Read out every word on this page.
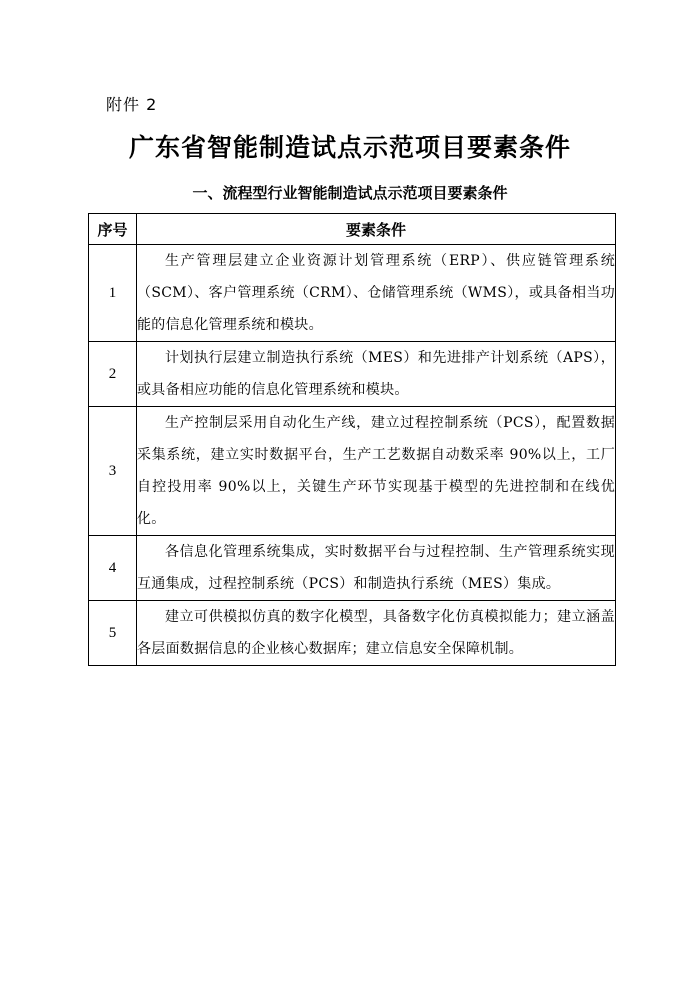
附件 2
广东省智能制造试点示范项目要素条件
一、流程型行业智能制造试点示范项目要素条件
序号	要素条件
1	生产管理层建立企业资源计划管理系统（ERP）、供应链管理系统（SCM）、客户管理系统（CRM）、仓储管理系统（WMS），或具备相当功能的信息化管理系统和模块。
2	计划执行层建立制造执行系统（MES）和先进排产计划系统（APS），或具备相应功能的信息化管理系统和模块。
3	生产控制层采用自动化生产线，建立过程控制系统（PCS），配置数据采集系统，建立实时数据平台，生产工艺数据自动数采率 90%以上，工厂自控投用率 90%以上，关键生产环节实现基于模型的先进控制和在线优化。
4	各信息化管理系统集成，实时数据平台与过程控制、生产管理系统实现互通集成，过程控制系统（PCS）和制造执行系统（MES）集成。
5	建立可供模拟仿真的数字化模型，具备数字化仿真模拟能力；建立涵盖各层面数据信息的企业核心数据库；建立信息安全保障机制。
